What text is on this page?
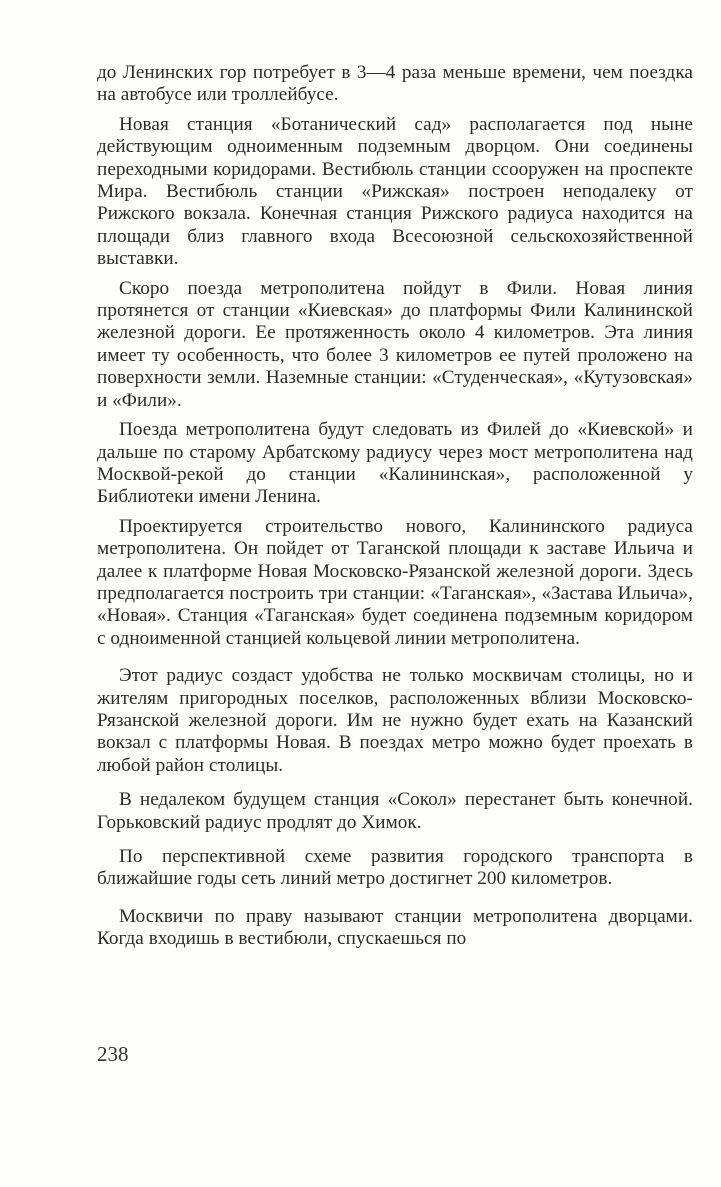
до Ленинских гор потребует в 3—4 раза меньше времени, чем поездка на автобусе или троллейбусе.

Новая станция «Ботанический сад» располагается под ныне действующим одноименным подземным дворцом. Они соединены переходными коридорами. Вестибюль станции ссооружен на проспекте Мира. Вестибюль станции «Рижская» построен неподалеку от Рижского вокзала. Конечная станция Рижского радиуса находится на площади близ главного входа Всесоюзной сельскохозяйственной выставки.

Скоро поезда метрополитена пойдут в Фили. Новая линия протянется от станции «Киевская» до платформы Фили Калининской железной дороги. Ее протяженность около 4 километров. Эта линия имеет ту особенность, что более 3 километров ее путей проложено на поверхности земли. Наземные станции: «Студенческая», «Кутузовская» и «Фили».

Поезда метрополитена будут следовать из Филей до «Киевской» и дальше по старому Арбатскому радиусу через мост метрополитена над Москвой-рекой до станции «Калининская», расположенной у Библиотеки имени Ленина.

Проектируется строительство нового, Калининского радиуса метрополитена. Он пойдет от Таганской площади к заставе Ильича и далее к платформе Новая Московско-Рязанской железной дороги. Здесь предполагается построить три станции: «Таганская», «Застава Ильича», «Новая». Станция «Таганская» будет соединена подземным коридором с одноименной станцией кольцевой линии метрополитена.

Этот радиус создаст удобства не только москвичам столицы, но и жителям пригородных поселков, расположенных вблизи Московско-Рязанской железной дороги. Им не нужно будет ехать на Казанский вокзал с платформы Новая. В поездах метро можно будет проехать в любой район столицы.

В недалеком будущем станция «Сокол» перестанет быть конечной. Горьковский радиус продлят до Химок.

По перспективной схеме развития городского транспорта в ближайшие годы сеть линий метро достигнет 200 километров.

Москвичи по праву называют станции метрополитена дворцами. Когда входишь в вестибюли, спускаешься по

238
